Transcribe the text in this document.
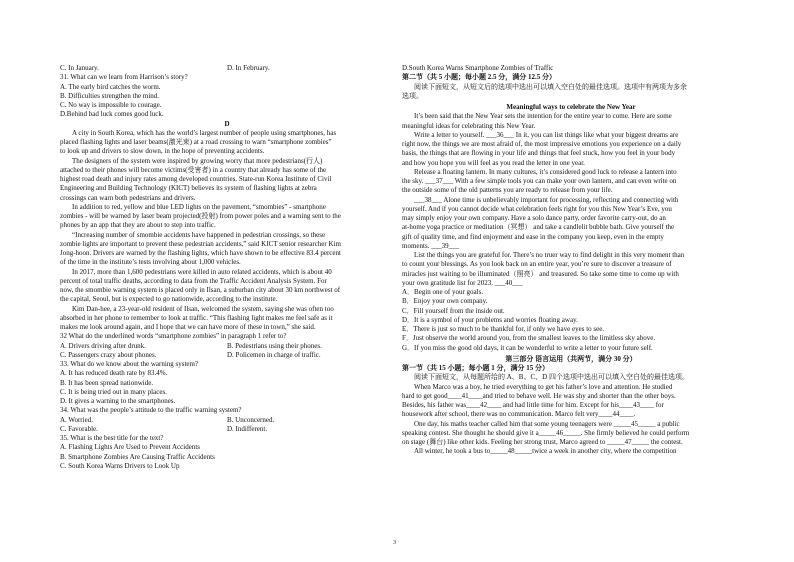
C. In January.	D. In February.
31. What can we learn from Harrison’s story?
A. The early bird catches the worm.
B. Difficulties strengthen the mind.
C. No way is impossible to courage.
D.Behind bad luck comes good luck.
D
A city in South Korea, which has the world’s largest number of people using smartphones, has
placed flashing lights and laser beams(激光束) at a road crossing to warn “smartphone zombies”
to look up and drivers to slow down, in the hope of preventing accidents.
The designers of the system were inspired by growing worry that more pedestrians(行人)
attached to their phones will become victims(受害者) in a country that already has some of the
highest road death and injury rates among developed countries. State-run Korea Institute of Civil
Engineering and Building Technology (KICT) believes its system of flashing lights at zebra
crossings can warn both pedestrians and drivers.
In addition to red, yellow and blue LED lights on the pavement, “smombies” - smartphone
zombies - will be warned by laser beam projected(投射) from power poles and a warning sent to the
phones by an app that they are about to step into traffic.
“Increasing number of smombie accidents have happened in pedestrian crossings, so these
zombie lights are important to prevent these pedestrian accidents,” said KICT senior researcher Kim
Jong-hoon. Drivers are warned by the flashing lights, which have shown to be effective 83.4 percent
of the time in the institute’s tests involving about 1,000 vehicles.
In 2017, more than 1,600 pedestrians were killed in auto related accidents, which is about 40
percent of total traffic deaths, according to data from the Traffic Accident Analysis System. For
now, the smombie warning system is placed only in Ilsan, a suburban city about 30 km northwest of
the capital, Seoul, but is expected to go nationwide, according to the institute.
Kim Dan-hee, a 23-year-old resident of Ilsan, welcomed the system, saying she was often too
absorbed in her phone to remember to look at traffic. “This flashing light makes me feel safe as it
makes me look around again, and I hope that we can have more of these in town,” she said.
32 What do the underlined words “smartphone zombies” in paragraph 1 refer to?
A. Drivers driving after drunk.	B. Pedestrians using their phones.
C. Passengers crazy about phones.	D. Policemen in charge of traffic.
33. What do we know about the warning system?
A. It has reduced death rate by 83.4%.
B. It has been spread nationwide.
C. It is being tried out in many places.
D. It gives a warning to the smartphones.
34. What was the people’s attitude to the traffic warning system?
A. Worried.	B. Unconcerned.
C. Favorable.	D. Indifferent.
35. What is the best title for the text?
A. Flashing Lights Are Used to Prevent Accidents
B. Smartphone Zombies Are Causing Traffic Accidents
C. South Korea Warns Drivers to Look Up
D.South Korea Warns Smartphone Zombies of Traffic
第二节（共 5 小题；每小题 2.5 分，满分 12.5 分）
阅读下面短文，从短文后的选项中选出可以填入空白处的最佳选项。选项中有两项为多余
选项。
Meaningful ways to celebrate the New Year
It’s been said that the New Year sets the intention for the entire year to come. Here are some
meaningful ideas for celebrating this New Year.
Write a letter to yourself. ___36___ In it, you can list things like what your biggest dreams are
right now, the things we are most afraid of, the most impressive emotions you experience on a daily
basis, the things that are flowing in your life and things that feel stuck, how you feel in your body
and how you hope you will feel as you read the letter in one year.
Release a floating lantern. In many cultures, it’s considered good luck to release a lantern into
the sky. ___37___ With a few simple tools you can make your own lantern, and can even write on
the outside some of the old patterns you are ready to release from your life.
___38___ Alone time is unbelievably important for processing, reflecting and connecting with
yourself. And if you cannot decide what celebration feels right for you this New Year’s Eve, you
may simply enjoy your own company. Have a solo dance party, order favorite carry-out, do an
at-home yoga practice or meditation（冥想） and take a candlelit bubble bath. Give yourself the
gift of quality time, and find enjoyment and ease in the company you keep, even in the empty
moments. ___39___
List the things you are grateful for. There’s no truer way to find delight in this very moment than
to count your blessings. As you look back on an entire year, you’re sure to discover a treasure of
miracles just waiting to be illuminated（照亮） and treasured. So take some time to come up with
your own gratitude list for 2023. ___40___
A．Begin one of your goals.
B．Enjoy your own company.
C．Fill yourself from the inside out.
D．It is a symbol of your problems and worries floating away.
E．There is just so much to be thankful for, if only we have eyes to see.
F．Just observe the world around you, from the smallest leaves to the limitless sky above.
G．If you miss the good old days, it can be wonderful to write a letter to your future self.
第三部分 语言运用（共两节，满分 30 分）
第一节（共 15 小题；每小题 1 分，满分 15 分）
阅读下面短文，从每题所给的 A、B、C、D 四个选项中选出可以填入空白处的最佳选项。
When Marco was a boy, he tried everything to get his father’s love and attention. He studied
hard to get good____41____and tried to behave well. He was shy and shorter than the other boys.
Besides, his father was____42____ and had little time for him. Except for his____43____ for
housework after school, there was no communication. Marco felt very____44____.
One day, his maths teacher called him that some young teenagers were _____45_____ a public
speaking contest. She thought he should give it a_____46_____. She firmly believed he could perform
on stage (舞台) like other kids. Feeling her strong trust, Marco agreed to _____47_____ the contest.
All winter, he took a bus to_____48_____twice a week in another city, where the competition
3
